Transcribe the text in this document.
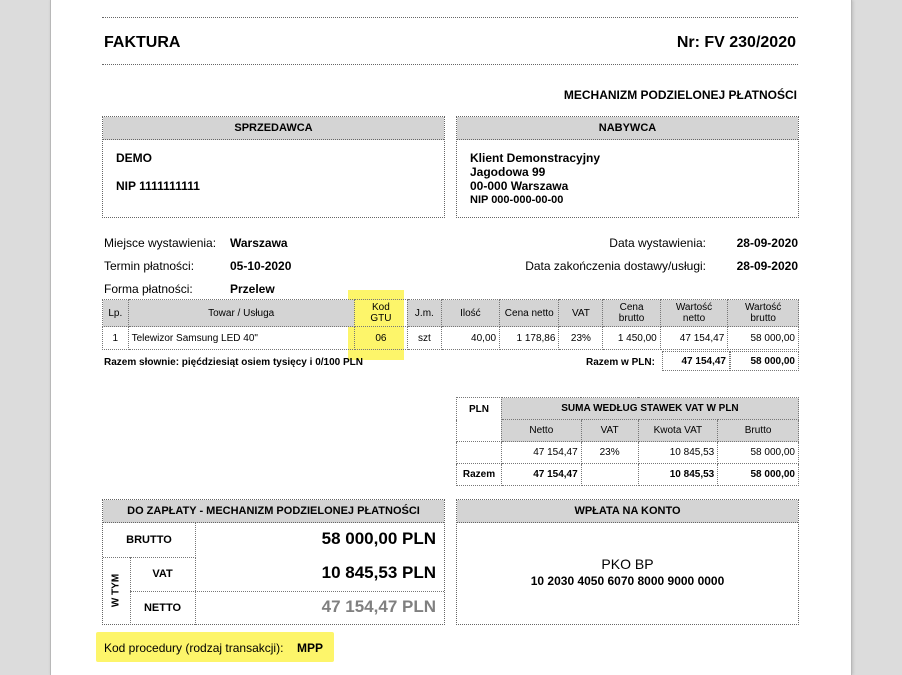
FAKTURA	Nr: FV 230/2020
MECHANIZM PODZIELONEJ PŁATNOŚCI
SPRZEDAWCA
DEMO
NIP 1111111111
NABYWCA
Klient Demonstracyjny
Jagodowa 99
00-000 Warszawa
NIP 000-000-00-00
Miejsce wystawienia: Warszawa
Termin płatności:	05-10-2020
Forma płatności:	Przelew
Data wystawienia:	28-09-2020
Data zakończenia dostawy/usługi:	28-09-2020
Lp.	Towar / Usługa	Kod GTU	J.m.	Ilość	Cena netto	VAT	Cena brutto	Wartość netto	Wartość brutto
1	Telewizor Samsung LED 40"	06	szt	40,00	1 178,86	23%	1 450,00	47 154,47	58 000,00
Razem słownie: pięćdziesiąt osiem tysięcy i 0/100 PLN	Razem w PLN:	47 154,47	58 000,00
PLN	SUMA WEDŁUG STAWEK VAT W PLN			
	Netto	VAT	Kwota VAT	Brutto
	47 154,47	23%	10 845,53	58 000,00
Razem	47 154,47		10 845,53	58 000,00
DO ZAPŁATY - MECHANIZM PODZIELONEJ PŁATNOŚCI
BRUTTO	58 000,00 PLN
W TYM	VAT	10 845,53 PLN
NETTO	47 154,47 PLN
WPŁATA NA KONTO
PKO BP
10 2030 4050 6070 8000 9000 0000
Kod procedury (rodzaj transakcji): MPP
